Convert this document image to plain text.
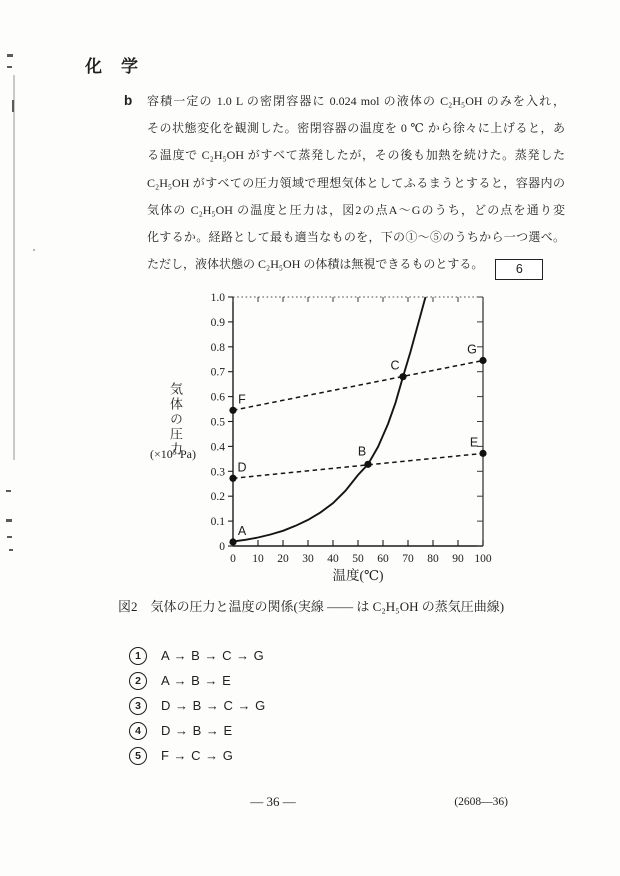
化　学
b 容積一定の 1.0 L の密閉容器に 0.024 mol の液体の C₂H₅OH のみを入れ，
その状態変化を観測した。密閉容器の温度を 0 ℃ から徐々に上げると，あ
る温度で C₂H₅OH がすべて蒸発したが，その後も加熱を続けた。蒸発した
C₂H₅OH がすべての圧力領域で理想気体としてふるまうとすると，容器内の
気体の C₂H₅OH の温度と圧力は，図2の点A～Gのうち，どの点を通り変
化するか。経路として最も適当なものを，下の①～⑤のうちから一つ選べ。
ただし，液体状態の C₂H₅OH の体積は無視できるものとする。	6
気体の圧力
(×10⁵ Pa)
0 10 20 30 40 50 60 70 80 90 100
0
0.1
0.2
0.3
0.4
0.5
0.6
0.7
0.8
0.9
1.0
A
B
C
D
E
F
G
温度(℃)
図2　気体の圧力と温度の関係(実線 ―― は C₂H₅OH の蒸気圧曲線)
1 A → B → C → G
2 A → B → E
3 D → B → C → G
4 D → B → E
5 F → C → G
— 36 —	(2608—36)
